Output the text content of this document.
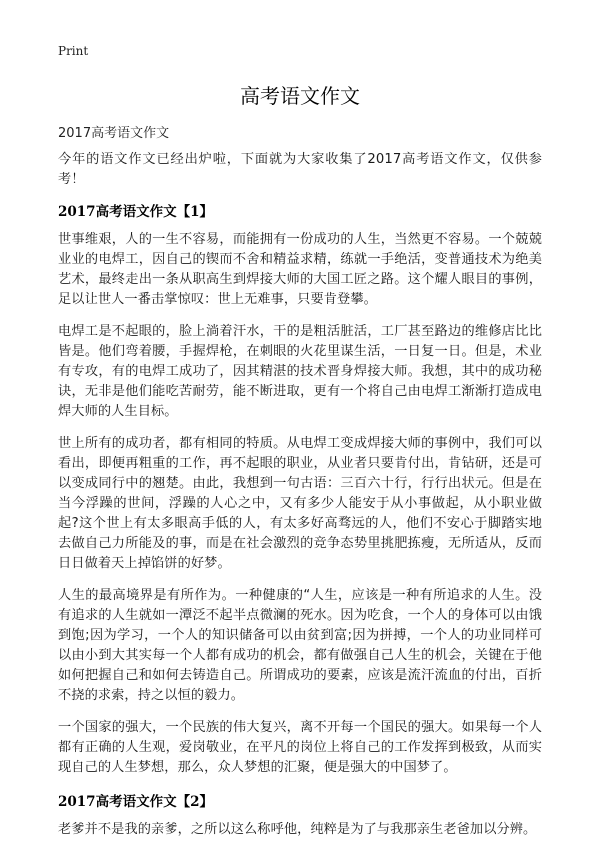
Print
高考语文作文
2017高考语文作文

今年的语文作文已经出炉啦，下面就为大家收集了2017高考语文作文，仅供参考！

2017高考语文作文【1】

世事维艰，人的一生不容易，而能拥有一份成功的人生，当然更不容易。一个兢兢业业的电焊工，因自己的锲而不舍和精益求精，练就一手绝活，变普通技术为绝美艺术，最终走出一条从职高生到焊接大师的大国工匠之路。这个耀人眼目的事例，足以让世人一番击掌惊叹：世上无难事，只要肯登攀。

电焊工是不起眼的，脸上淌着汗水，干的是粗活脏活，工厂甚至路边的维修店比比皆是。他们弯着腰，手握焊枪，在刺眼的火花里谋生活，一日复一日。但是，术业有专攻，有的电焊工成功了，因其精湛的技术晋身焊接大师。我想，其中的成功秘诀，无非是他们能吃苦耐劳，能不断进取，更有一个将自己由电焊工渐渐打造成电焊大师的人生目标。

世上所有的成功者，都有相同的特质。从电焊工变成焊接大师的事例中，我们可以看出，即便再粗重的工作，再不起眼的职业，从业者只要肯付出，肯钻研，还是可以变成同行中的翘楚。由此，我想到一句古语：三百六十行，行行出状元。但是在当今浮躁的世间，浮躁的人心之中，又有多少人能安于从小事做起，从小职业做起?这个世上有太多眼高手低的人，有太多好高骛远的人，他们不安心于脚踏实地去做自己力所能及的事，而是在社会激烈的竞争态势里挑肥拣瘦，无所适从，反而日日做着天上掉馅饼的好梦。

人生的最高境界是有所作为。一种健康的“人生，应该是一种有所追求的人生。没有追求的人生就如一潭泛不起半点微澜的死水。因为吃食，一个人的身体可以由饿到饱;因为学习，一个人的知识储备可以由贫到富;因为拼搏，一个人的功业同样可以由小到大其实每一个人都有成功的机会，都有做强自己人生的机会，关键在于他如何把握自己和如何去铸造自己。所谓成功的要素，应该是流汗流血的付出，百折不挠的求索，持之以恒的毅力。

一个国家的强大，一个民族的伟大复兴，离不开每一个国民的强大。如果每一个人都有正确的人生观，爱岗敬业，在平凡的岗位上将自己的工作发挥到极致，从而实现自己的人生梦想，那么，众人梦想的汇聚，便是强大的中国梦了。

2017高考语文作文【2】

老爹并不是我的亲爹，之所以这么称呼他，纯粹是为了与我那亲生老爸加以分辨。
